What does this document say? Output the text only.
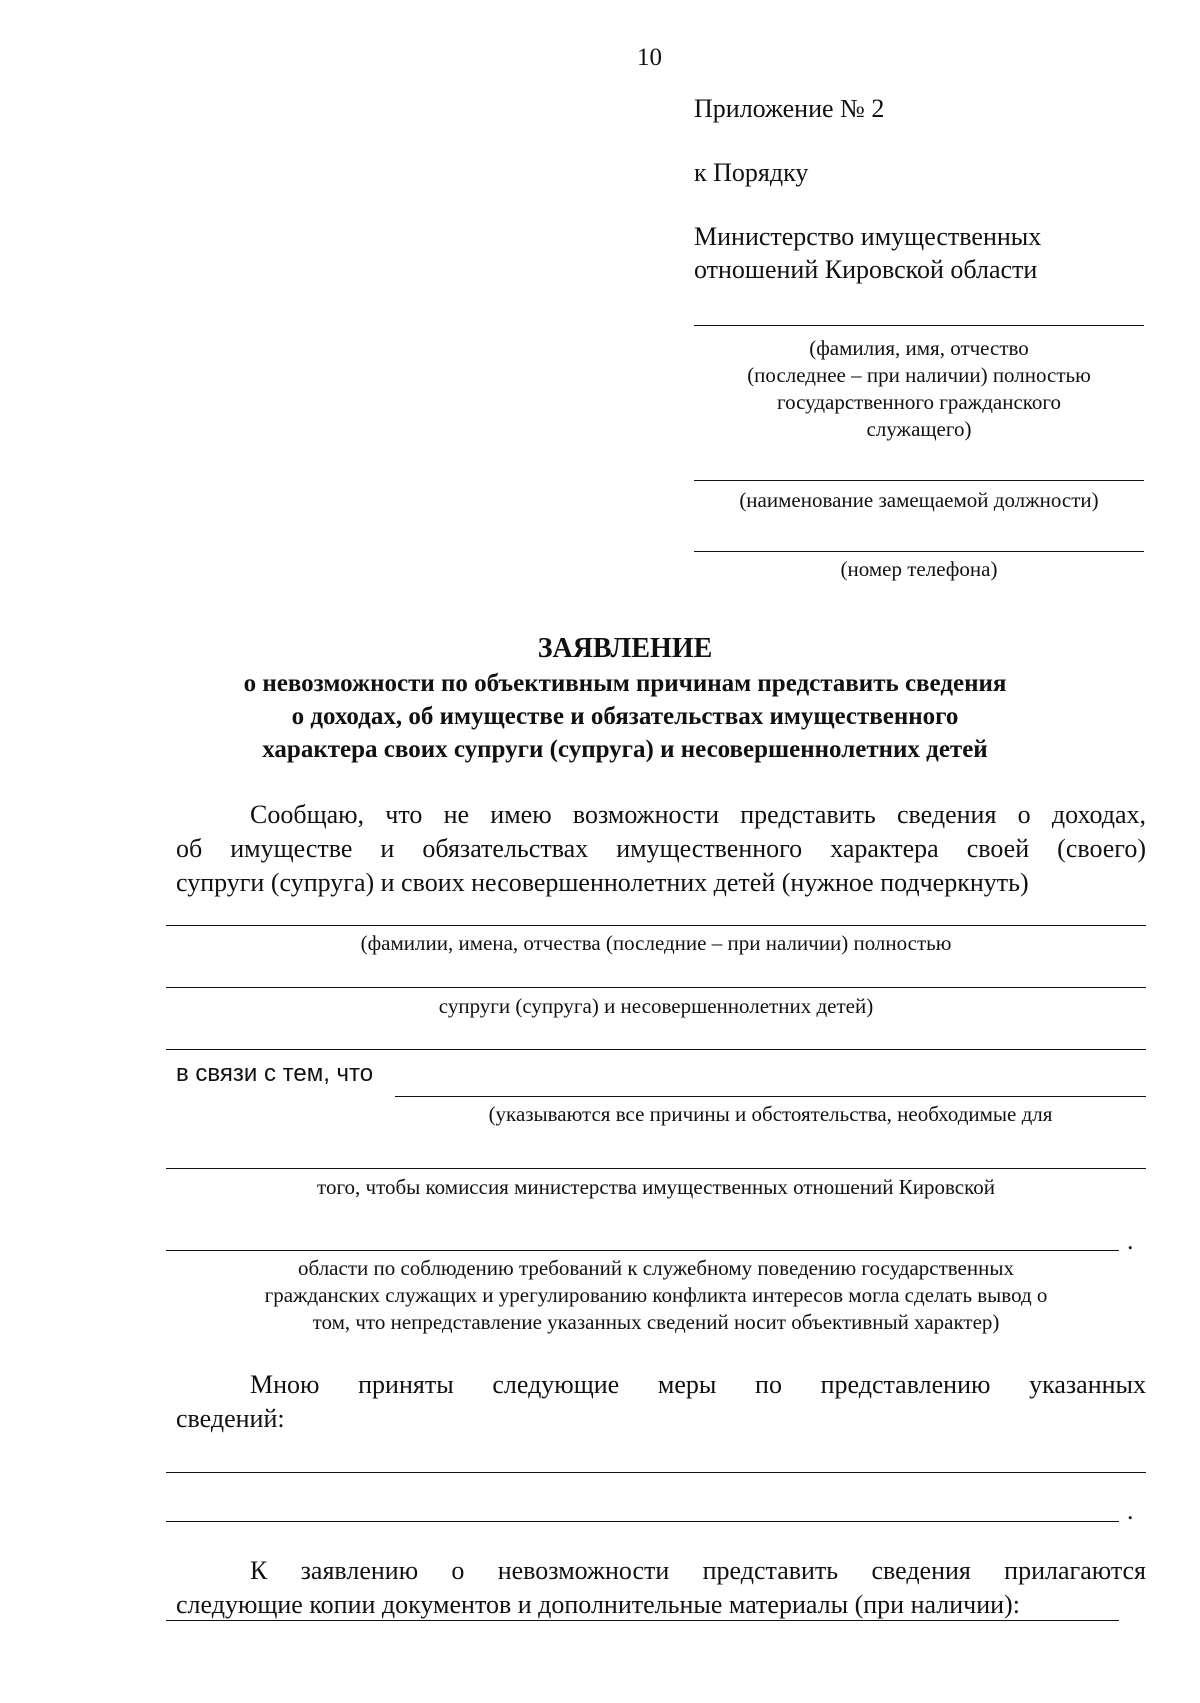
10
Приложение № 2
к Порядку
Министерство имущественных
отношений Кировской области
(фамилия, имя, отчество
(последнее – при наличии) полностью
государственного гражданского
служащего)
(наименование замещаемой должности)
(номер телефона)
ЗАЯВЛЕНИЕ
о невозможности по объективным причинам представить сведения
о доходах, об имуществе и обязательствах имущественного
характера своих супруги (супруга) и несовершеннолетних детей
Сообщаю, что не имею возможности представить сведения о доходах,
об имуществе и обязательствах имущественного характера своей (своего)
супруги (супруга) и своих несовершеннолетних детей (нужное подчеркнуть)
(фамилии, имена, отчества (последние – при наличии) полностью
супруги (супруга) и несовершеннолетних детей)
в связи с тем, что
(указываются все причины и обстоятельства, необходимые для
того, чтобы комиссия министерства имущественных отношений Кировской
.
области по соблюдению требований к служебному поведению государственных
гражданских служащих и урегулированию конфликта интересов могла сделать вывод о
том, что непредставление указанных сведений носит объективный характер)
Мною приняты следующие меры по представлению указанных
сведений:
.
К заявлению о невозможности представить сведения прилагаются
следующие копии документов и дополнительные материалы (при наличии):
